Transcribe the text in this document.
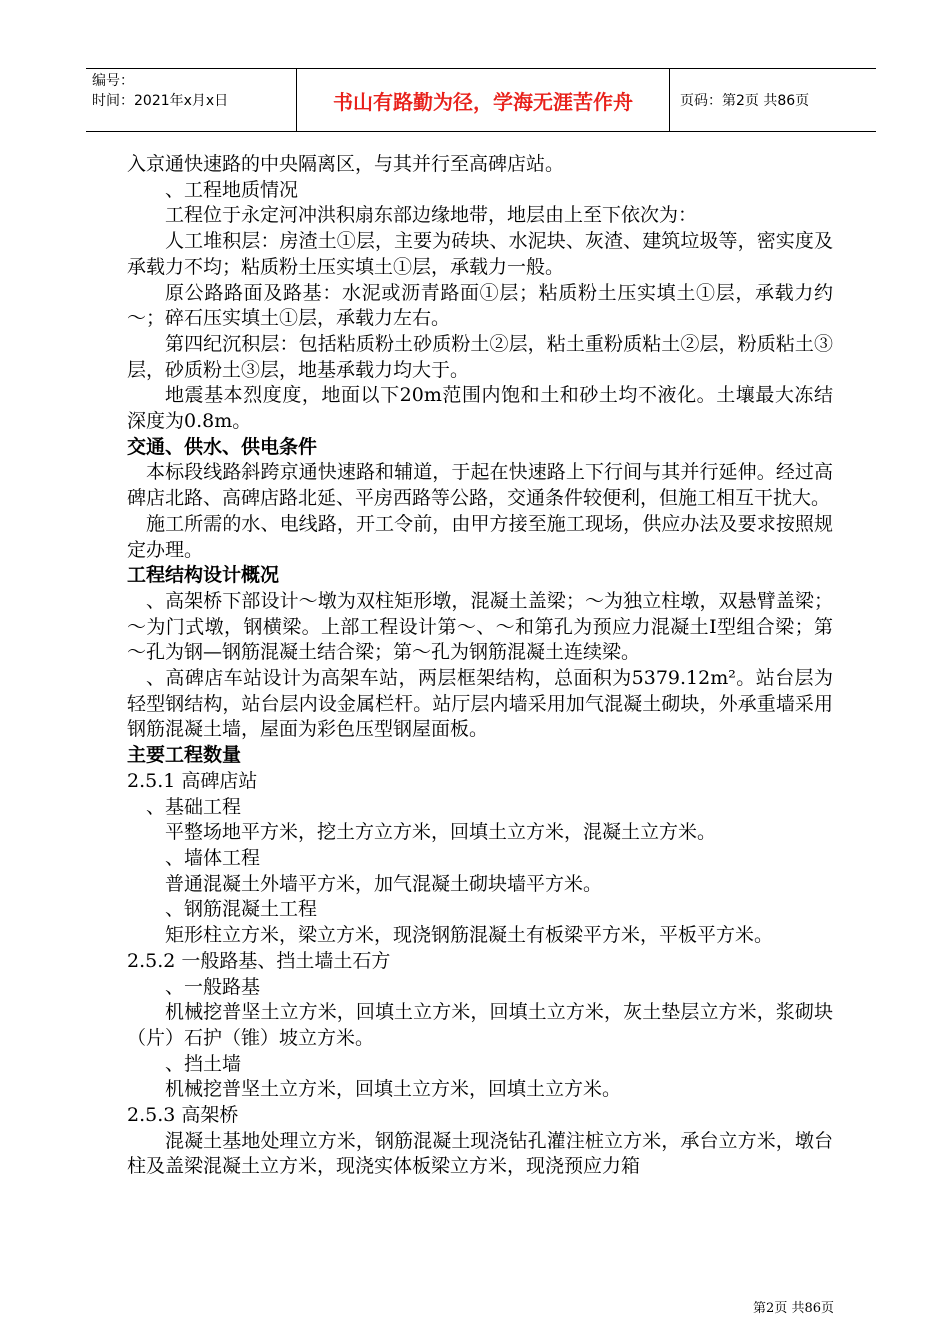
编号：
时间：2021年x月x日	书山有路勤为径，学海无涯苦作舟	页码：第2页 共86页

入京通快速路的中央隔离区，与其并行至高碑店站。

、工程地质情况

工程位于永定河冲洪积扇东部边缘地带，地层由上至下依次为：

人工堆积层：房渣土①层，主要为砖块、水泥块、灰渣、建筑垃圾等，密实度及承载力不均；粘质粉土压实填土①层，承载力一般。

原公路路面及路基：水泥或沥青路面①层；粘质粉土压实填土①层，承载力约～；碎石压实填土①层，承载力左右。

第四纪沉积层：包括粘质粉土砂质粉土②层，粘土重粉质粘土②层，粉质粘土③层，砂质粉土③层，地基承载力均大于。

地震基本烈度度，地面以下20m范围内饱和土和砂土均不液化。土壤最大冻结深度为0.8m。

交通、供水、供电条件

本标段线路斜跨京通快速路和辅道，于起在快速路上下行间与其并行延伸。经过高碑店北路、高碑店路北延、平房西路等公路，交通条件较便利，但施工相互干扰大。

施工所需的水、电线路，开工令前，由甲方接至施工现场，供应办法及要求按照规定办理。

工程结构设计概况

、高架桥下部设计～墩为双柱矩形墩，混凝土盖梁；～为独立柱墩，双悬臂盖梁；～为门式墩，钢横梁。上部工程设计第～、～和第孔为预应力混凝土Ⅰ型组合梁；第～孔为钢—钢筋混凝土结合梁；第～孔为钢筋混凝土连续梁。

、高碑店车站设计为高架车站，两层框架结构，总面积为5379.12m²。站台层为轻型钢结构，站台层内设金属栏杆。站厅层内墙采用加气混凝土砌块，外承重墙采用钢筋混凝土墙，屋面为彩色压型钢屋面板。

主要工程数量

2.5.1 高碑店站

、基础工程

平整场地平方米，挖土方立方米，回填土立方米，混凝土立方米。

、墙体工程

普通混凝土外墙平方米，加气混凝土砌块墙平方米。

、钢筋混凝土工程

矩形柱立方米，梁立方米，现浇钢筋混凝土有板梁平方米，平板平方米。

2.5.2 一般路基、挡土墙土石方

、一般路基

机械挖普坚土立方米，回填土立方米，回填土立方米，灰土垫层立方米，浆砌块（片）石护（锥）坡立方米。

、挡土墙

机械挖普坚土立方米，回填土立方米，回填土立方米。

2.5.3 高架桥

混凝土基地处理立方米，钢筋混凝土现浇钻孔灌注桩立方米，承台立方米，墩台柱及盖梁混凝土立方米，现浇实体板梁立方米，现浇预应力箱

第2页 共86页
